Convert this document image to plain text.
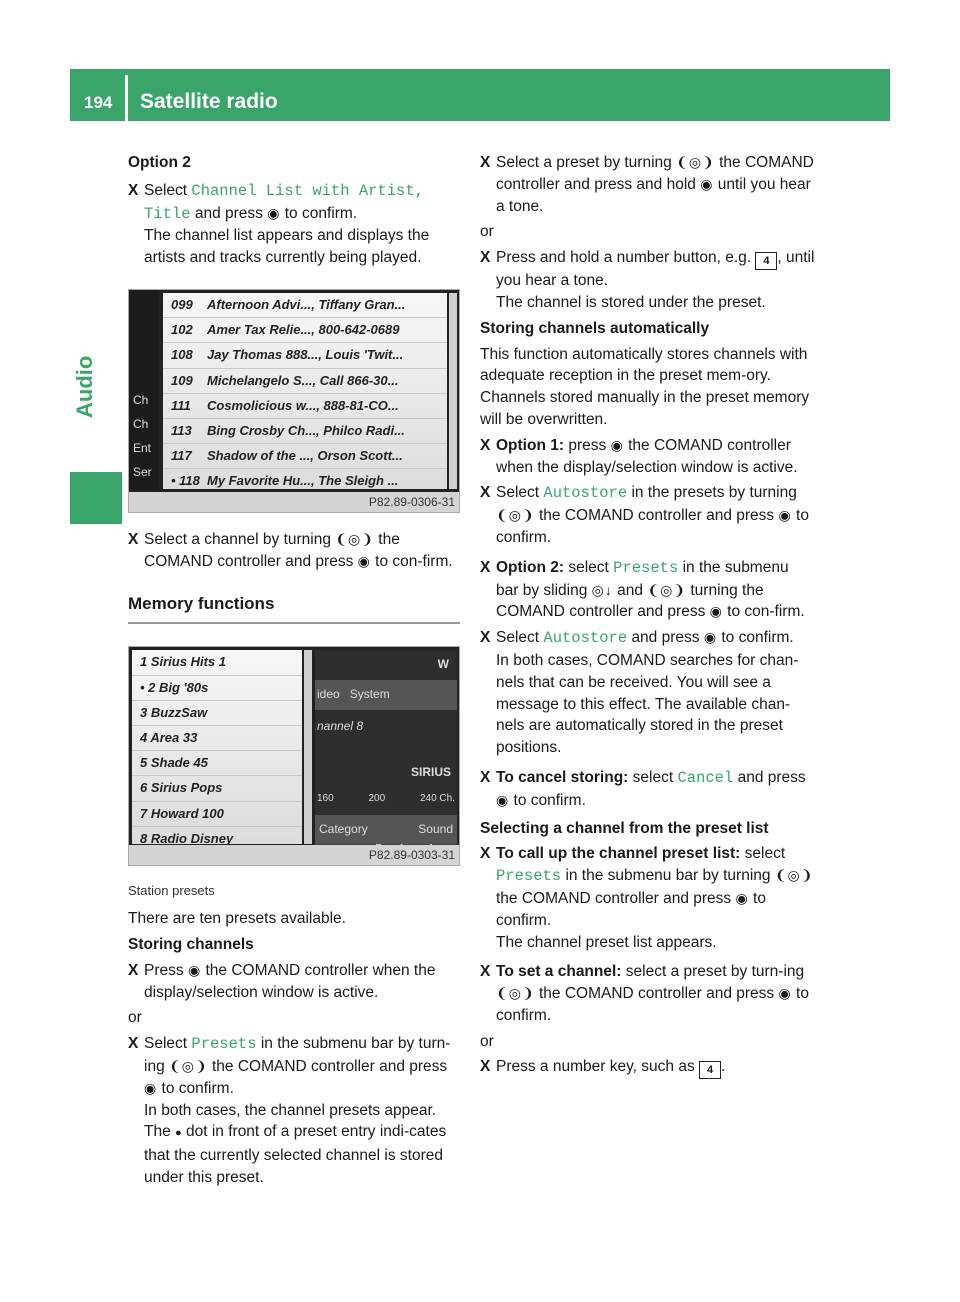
194 Satellite radio
Audio

Option 2

X Select Channel List with Artist,
Title and press ◉ to confirm.
The channel list appears and displays the artists and tracks currently being played.
Ch
Ch
Ent
Ser
099 Afternoon Advi..., Tiffany Gran...
102 Amer Tax Relie..., 800-642-0689
108 Jay Thomas 888..., Louis 'Twit...
109 Michelangelo S..., Call 866-30...
111 Cosmolicious w..., 888-81-CO...
113 Bing Crosby Ch..., Philco Radi...
117 Shadow of the ..., Orson Scott...
• 118 My Favorite Hu..., The Sleigh ...
P82.89-0306-31
X Select a channel by turning ❨◎❩ the COMAND controller and press ◉ to con-firm.
Memory functions
1 Sirius Hits 1
• 2 Big '80s
3 BuzzSaw
4 Area 33
5 Shade 45
6 Sirius Pops
7 Howard 100
8 Radio Disney
W
ideo System
nannel 8
SIRIUS
160	200	240 Ch.
Category	Sound
P82.89-0303-31

Station presets

There are ten presets available.

Storing channels

X Press ◉ the COMAND controller when the display/selection window is active.

or

X Select Presets in the submenu bar by turn-ing ❨◎❩ the COMAND controller and press ◉ to confirm.
In both cases, the channel presets appear.
The ● dot in front of a preset entry indi-cates that the currently selected channel is stored under this preset.
X Select a preset by turning ❨◎❩ the COMAND controller and press and hold ◉ until you hear a tone.

or

X Press and hold a number button, e.g. 4 , until you hear a tone.
The channel is stored under the preset.

Storing channels automatically

This function automatically stores channels with adequate reception in the preset mem-ory. Channels stored manually in the preset memory will be overwritten.

X Option 1: press ◉ the COMAND controller when the display/selection window is active.
X Select Autostore in the presets by turning ❨◎❩ the COMAND controller and press ◉ to confirm.
X Option 2: select Presets in the submenu bar by sliding ◎↓ and ❨◎❩ turning the COMAND controller and press ◉ to con-firm.
X Select Autostore and press ◉ to confirm.
In both cases, COMAND searches for chan-nels that can be received. You will see a message to this effect. The available chan-nels are automatically stored in the preset positions.
X To cancel storing: select Cancel and press ◉ to confirm.

Selecting a channel from the preset list

X To call up the channel preset list: select Presets in the submenu bar by turning ❨◎❩ the COMAND controller and press ◉ to confirm.
The channel preset list appears.
X To set a channel: select a preset by turn-ing ❨◎❩ the COMAND controller and press ◉ to confirm.

or

X Press a number key, such as 4 .
